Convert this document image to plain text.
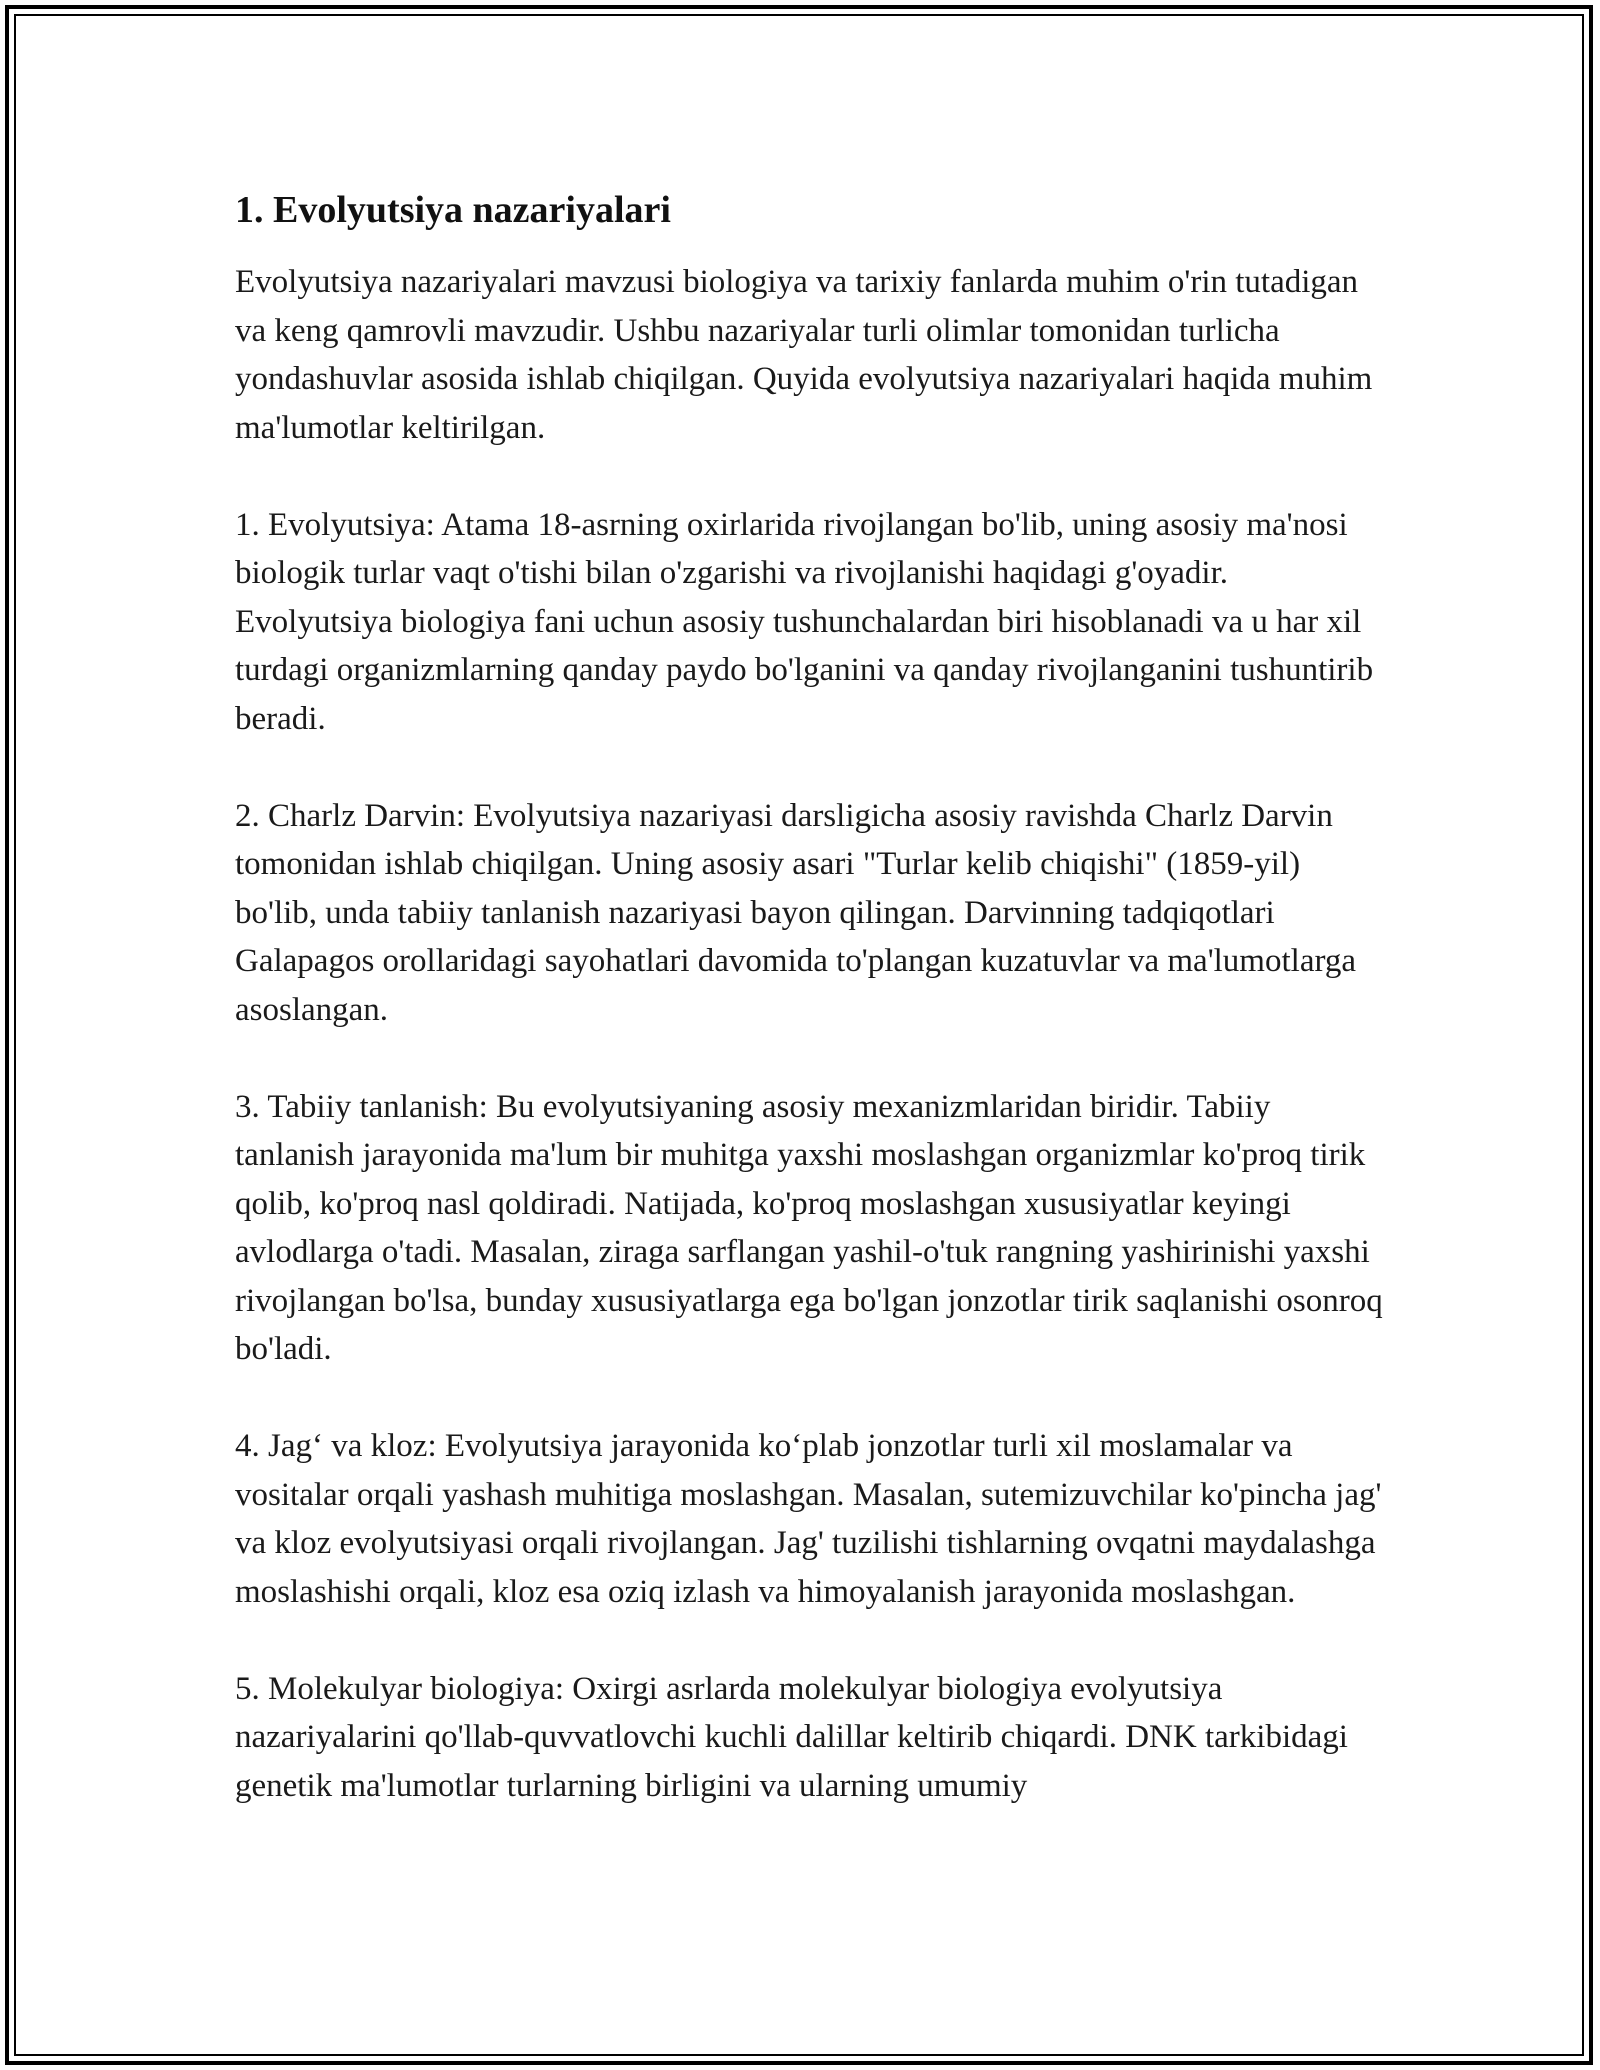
1. Evolyutsiya nazariyalari

Evolyutsiya nazariyalari mavzusi biologiya va tarixiy fanlarda muhim o'rin tutadigan va keng qamrovli mavzudir. Ushbu nazariyalar turli olimlar tomonidan turlicha yondashuvlar asosida ishlab chiqilgan. Quyida evolyutsiya nazariyalari haqida muhim ma'lumotlar keltirilgan.

1. Evolyutsiya: Atama 18-asrning oxirlarida rivojlangan bo'lib, uning asosiy ma'nosi biologik turlar vaqt o'tishi bilan o'zgarishi va rivojlanishi haqidagi g'oyadir. Evolyutsiya biologiya fani uchun asosiy tushunchalardan biri hisoblanadi va u har xil turdagi organizmlarning qanday paydo bo'lganini va qanday rivojlanganini tushuntirib beradi.

2. Charlz Darvin: Evolyutsiya nazariyasi darsligicha asosiy ravishda Charlz Darvin tomonidan ishlab chiqilgan. Uning asosiy asari "Turlar kelib chiqishi" (1859-yil) bo'lib, unda tabiiy tanlanish nazariyasi bayon qilingan. Darvinning tadqiqotlari Galapagos orollaridagi sayohatlari davomida to'plangan kuzatuvlar va ma'lumotlarga asoslangan.

3. Tabiiy tanlanish: Bu evolyutsiyaning asosiy mexanizmlaridan biridir. Tabiiy tanlanish jarayonida ma'lum bir muhitga yaxshi moslashgan organizmlar ko'proq tirik qolib, ko'proq nasl qoldiradi. Natijada, ko'proq moslashgan xususiyatlar keyingi avlodlarga o'tadi. Masalan, ziraga sarflangan yashil-o'tuk rangning yashirinishi yaxshi rivojlangan bo'lsa, bunday xususiyatlarga ega bo'lgan jonzotlar tirik saqlanishi osonroq bo'ladi.

4. Jag‘ va kloz: Evolyutsiya jarayonida ko‘plab jonzotlar turli xil moslamalar va vositalar orqali yashash muhitiga moslashgan. Masalan, sutemizuvchilar ko'pincha jag' va kloz evolyutsiyasi orqali rivojlangan. Jag' tuzilishi tishlarning ovqatni maydalashga moslashishi orqali, kloz esa oziq izlash va himoyalanish jarayonida moslashgan.

5. Molekulyar biologiya: Oxirgi asrlarda molekulyar biologiya evolyutsiya nazariyalarini qo'llab-quvvatlovchi kuchli dalillar keltirib chiqardi. DNK tarkibidagi genetik ma'lumotlar turlarning birligini va ularning umumiy
